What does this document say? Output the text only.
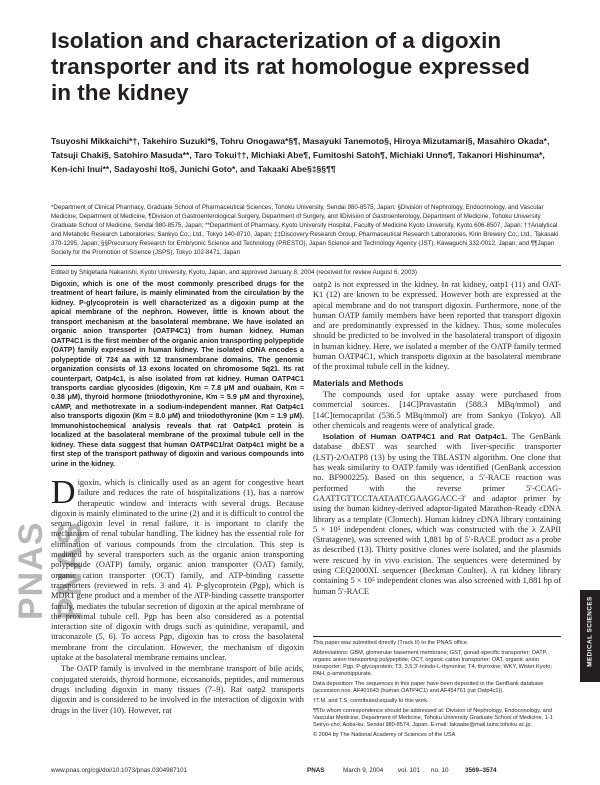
PNAS PNAS
Isolation and characterization of a digoxin transporter and its rat homologue expressed in the kidney
Tsuyoshi Mikkaichi*†, Takehiro Suzuki*§, Tohru Onogawa*§¶, Masayuki Tanemoto§, Hiroya Mizutamari§, Masahiro Okada*, Tatsuji Chaki§, Satohiro Masuda**, Taro Tokui††, Michiaki Abe¶, Fumitoshi Satoh¶, Michiaki Unno¶, Takanori Hishinuma*, Ken-ichi Inui**, Sadayoshi Ito§, Junichi Goto*, and Takaaki Abe§‡§§¶¶
*Department of Clinical Pharmacy, Graduate School of Pharmaceutical Sciences, Tohoku University, Sendai 980-8575, Japan; §Division of Nephrology, Endocrinology, and Vascular Medicine, Department of Medicine, ¶Division of Gastroenterological Surgery, Department of Surgery, and ‖Division of Gastroenterology, Department of Medicine, Tohoku University Graduate School of Medicine, Sendai 980-8575, Japan; **Department of Pharmacy, Kyoto University Hospital, Faculty of Medicine Kyoto University, Kyoto 606-8507, Japan; ††Analytical and Metabolic Research Laboratories, Sankyo Co., Ltd., Tokyo 140-8710, Japan; ‡‡Discovery Research Group, Pharmaceutical Research Laboratories, Kirin Brewery Co., Ltd., Takasaki 370-1295, Japan; §§Precursory Research for Embryonic Science and Technology (PRESTO), Japan Science and Technology Agency (JST), Kawaguchi 332-0012, Japan; and ¶¶Japan Society for the Promotion of Science (JSPS), Tokyo 102-8471, Japan
Edited by Shigetada Nakanishi, Kyoto University, Kyoto, Japan, and approved January 8, 2004 (received for review August 6, 2003)
Digoxin, which is one of the most commonly prescribed drugs for the treatment of heart failure, is mainly eliminated from the circulation by the kidney. P-glycoprotein is well characterized as a digoxin pump at the apical membrane of the nephron. However, little is known about the transport mechanism at the basolateral membrane. We have isolated an organic anion transporter (OATP4C1) from human kidney. Human OATP4C1 is the first member of the organic anion transporting polypeptide (OATP) family expressed in human kidney. The isolated cDNA encodes a polypeptide of 724 aa with 12 transmembrane domains. The genomic organization consists of 13 exons located on chromosome 5q21. Its rat counterpart, Oatp4c1, is also isolated from rat kidney. Human OATP4C1 transports cardiac glycosides (digoxin, Km = 7.8 μM and ouabain, Km = 0.38 μM), thyroid hormone (triiodothyronine, Km = 5.9 μM and thyroxine), cAMP, and methotrexate in a sodium-independent manner. Rat Oatp4c1 also transports digoxin (Km = 8.0 μM) and triiodothyronine (Km = 1.9 μM). Immunohistochemical analysis reveals that rat Oatp4c1 protein is localized at the basolateral membrane of the proximal tubule cell in the kidney. These data suggest that human OATP4C1/rat Oatp4c1 might be a first step of the transport pathway of digoxin and various compounds into urine in the kidney.

Digoxin, which is clinically used as an agent for congestive heart failure and reduces the rate of hospitalizations (1), has a narrow therapeutic window and interacts with several drugs. Because digoxin is mainly eliminated to the urine (2) and it is difficult to control the serum digoxin level in renal failure, it is important to clarify the mechanism of renal tubular handling. The kidney has the essential role for elimination of various compounds from the circulation. This step is mediated by several transporters such as the organic anion transporting polypeptide (OATP) family, organic anion transporter (OAT) family, organic cation transporter (OCT) family, and ATP-binding cassette transporters (reviewed in refs. 3 and 4). P-glycoprotein (Pgp), which is MDR1 gene product and a member of the ATP-binding cassette transporter family, mediates the tubular secretion of digoxin at the apical membrane of the proximal tubule cell. Pgp has been also considered as a potential interaction site of digoxin with drugs such as quinidine, verapamil, and itraconazole (5, 6). To access Pgp, digoxin has to cross the basolateral membrane from the circulation. However, the mechanism of digoxin uptake at the basolateral membrane remains unclear.

The OATP family is involved in the membrane transport of bile acids, conjugated steroids, thyroid hormone, eicosanoids, peptides, and numerous drugs including digoxin in many tissues (7–9). Rat oatp2 transports digoxin and is considered to be involved in the interaction of digoxin with drugs in the liver (10). However, rat

oatp2 is not expressed in the kidney. In rat kidney, oatp1 (11) and OAT-K1 (12) are known to be expressed. However both are expressed at the apical membrane and do not transport digoxin. Furthermore, none of the human OATP family members have been reported that transport digoxin and are predominantly expressed in the kidney. Thus, some molecules should be predicted to be involved in the basolateral transport of digoxin in human kidney. Here, we isolated a member of the OATP family termed human OATP4C1, which transports digoxin at the basolateral membrane of the proximal tubule cell in the kidney.

Materials and Methods

The compounds used for uptake assay were purchased from commercial sources. [14C]Pravastatin (588.3 MBq/mmol) and [14C]temocaprilat (536.5 MBq/mmol) are from Sankyo (Tokyo). All other chemicals and reagents were of analytical grade.

Isolation of Human OATP4C1 and Rat Oatp4c1. The GenBank database dbEST was searched with liver-specific transporter (LST)-2/OATP8 (13) by using the TBLASTN algorithm. One clone that has weak similarity to OATP family was identified (GenBank accession no. BF900225). Based on this sequence, a 5′-RACE reaction was performed with the reverse primer 5′-CCAG-GAATTGTTCCTAATAATCGAAGGACC-3′ and adaptor primer by using the human kidney-derived adaptor-ligated Marathon-Ready cDNA library as a template (Clontech). Human kidney cDNA library containing 5 × 10⁵ independent clones, which was constructed with the λ ZAPII (Stratagene), was screened with 1,881 bp of 5′-RACE product as a probe as described (13). Thirty positive clones were isolated, and the plasmids were rescued by in vivo excision. The sequences were determined by using CEQ2000XL sequencer (Beckman Coulter). A rat kidney library containing 5 × 10⁵ independent clones was also screened with 1,881 bp of human 5′-RACE

This paper was submitted directly (Track II) to the PNAS office.

Abbreviations: GBM, glomerular basement membrane; GST, gonad-specific transporter; OATP, organic anion transporting polypeptide; OCT, organic cation transporter; OAT, organic anion transporter; Pgp, P-glycoprotein; T3, 3,5,3′-triiodo-L-thyronine; T4, thyroxine; WKY, Wister Kyoto; PAH, p-aminohippurate.

Data deposition: The sequences in this paper have been deposited in the GenBank database (accession nos. AF401643 (human OATP4C1) and AF454761 (rat Oatp4c1)).

†T.M. and T.S. contributed equally to this work.

¶¶To whom correspondence should be addressed at: Division of Nephrology, Endocrinology, and Vascular Medicine, Department of Medicine, Tohoku University Graduate School of Medicine, 1-1 Seiryo-cho, Aoba-ku, Sendai 980-8574, Japan. E-mail: takaabe@mail.tains.tohoku.ac.jp.

© 2004 by The National Academy of Sciences of the USA

MEDICAL SCIENCES
www.pnas.org/cgi/doi/10.1073/pnas.0304987101	PNAS	March 9, 2004 vol. 101 no. 10	3569–3574
